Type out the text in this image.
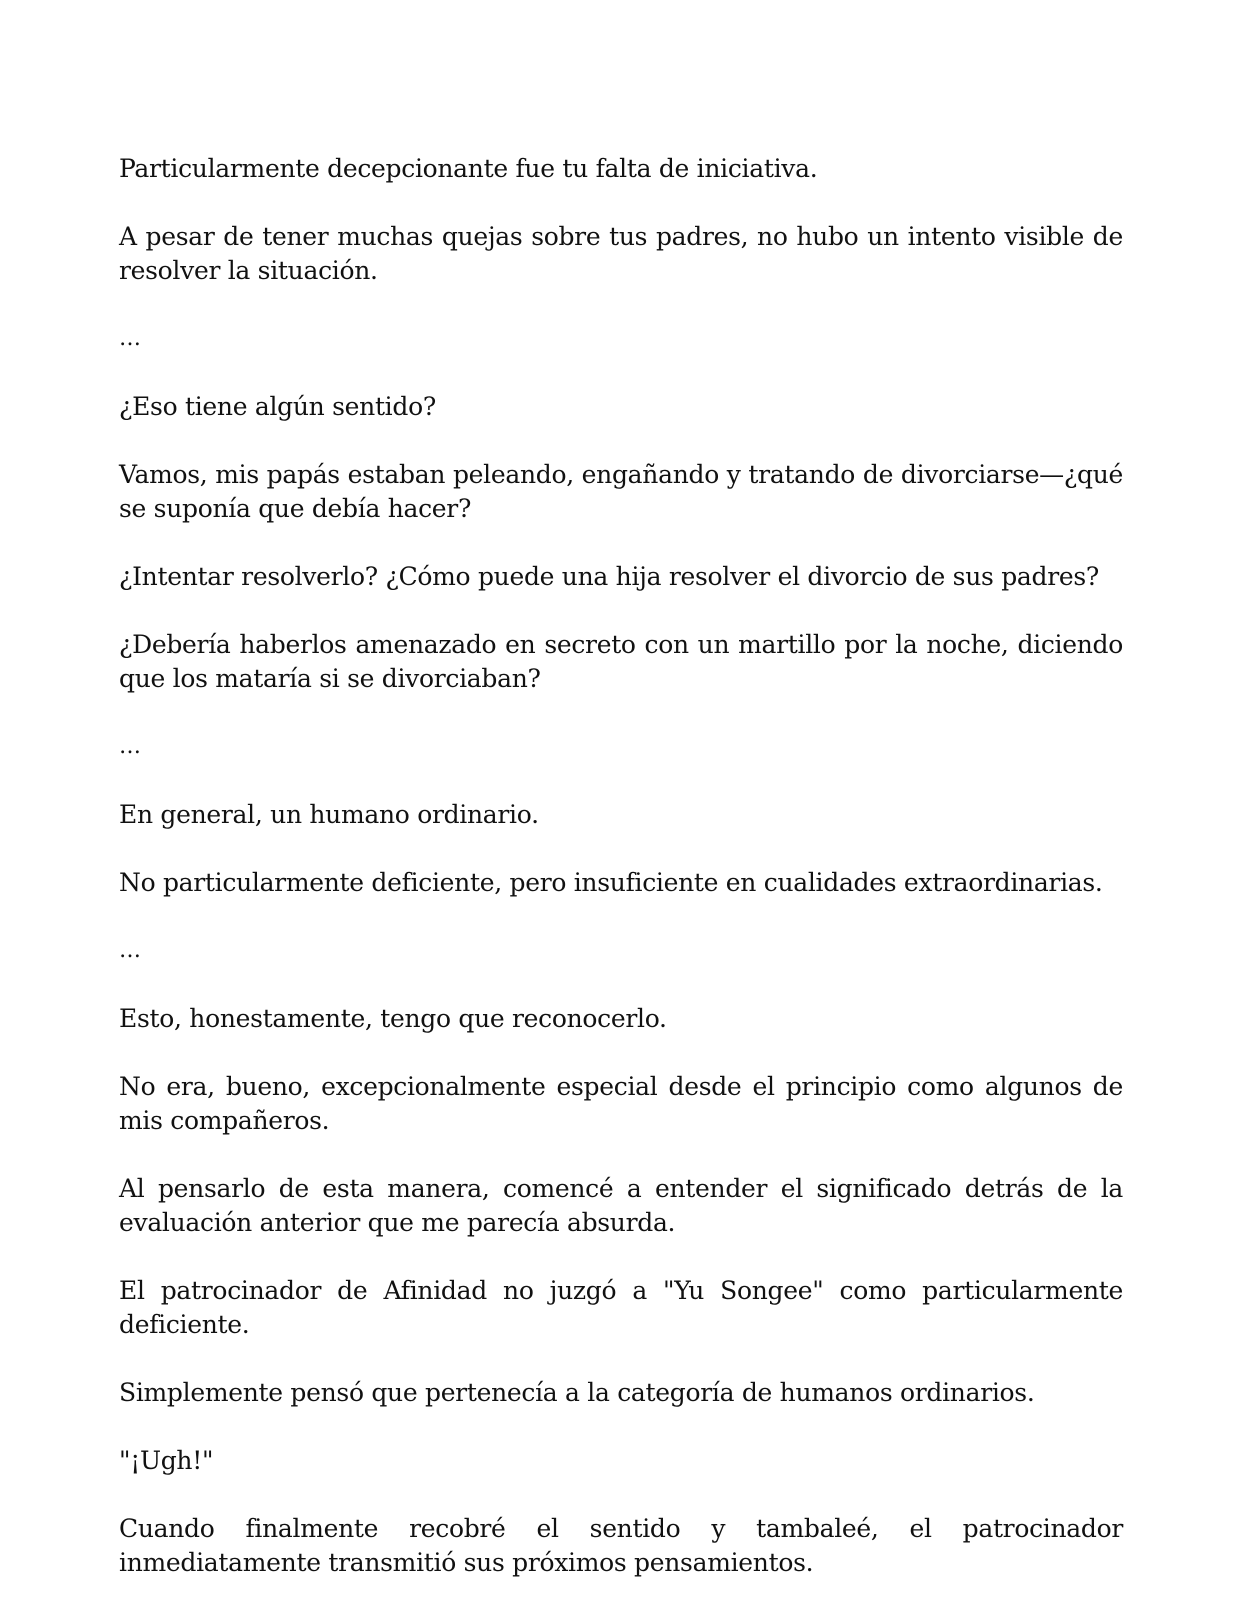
Particularmente decepcionante fue tu falta de iniciativa.

A pesar de tener muchas quejas sobre tus padres, no hubo un intento visible de resolver la situación.

…

¿Eso tiene algún sentido?

Vamos, mis papás estaban peleando, engañando y tratando de divorciarse—¿qué se suponía que debía hacer?

¿Intentar resolverlo? ¿Cómo puede una hija resolver el divorcio de sus padres?

¿Debería haberlos amenazado en secreto con un martillo por la noche, diciendo que los mataría si se divorciaban?

…

En general, un humano ordinario.

No particularmente deficiente, pero insuficiente en cualidades extraordinarias.

…

Esto, honestamente, tengo que reconocerlo.

No era, bueno, excepcionalmente especial desde el principio como algunos de mis compañeros.

Al pensarlo de esta manera, comencé a entender el significado detrás de la evaluación anterior que me parecía absurda.

El patrocinador de Afinidad no juzgó a "Yu Songee" como particularmente deficiente.

Simplemente pensó que pertenecía a la categoría de humanos ordinarios.

"¡Ugh!"

Cuando finalmente recobré el sentido y tambaleé, el patrocinador inmediatamente transmitió sus próximos pensamientos.
